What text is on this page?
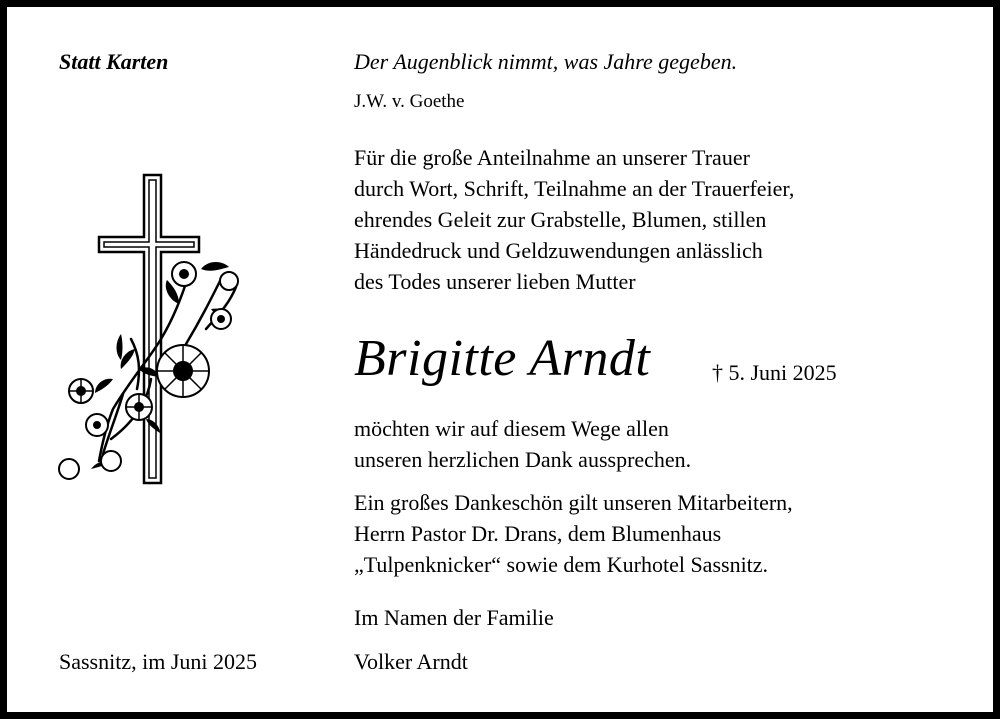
Statt Karten	Der Augenblick nimmt, was Jahre gegeben.
J.W. v. Goethe
Für die große Anteilnahme an unserer Trauer
durch Wort, Schrift, Teilnahme an der Trauerfeier,
ehrendes Geleit zur Grabstelle, Blumen, stillen
Händedruck und Geldzuwendungen anlässlich
des Todes unserer lieben Mutter
Brigitte Arndt	† 5. Juni 2025
möchten wir auf diesem Wege allen
unseren herzlichen Dank aussprechen.
Ein großes Dankeschön gilt unseren Mitarbeitern,
Herrn Pastor Dr. Drans, dem Blumenhaus
„Tulpenknicker“ sowie dem Kurhotel Sassnitz.
Im Namen der Familie
Volker Arndt
Sassnitz, im Juni 2025
